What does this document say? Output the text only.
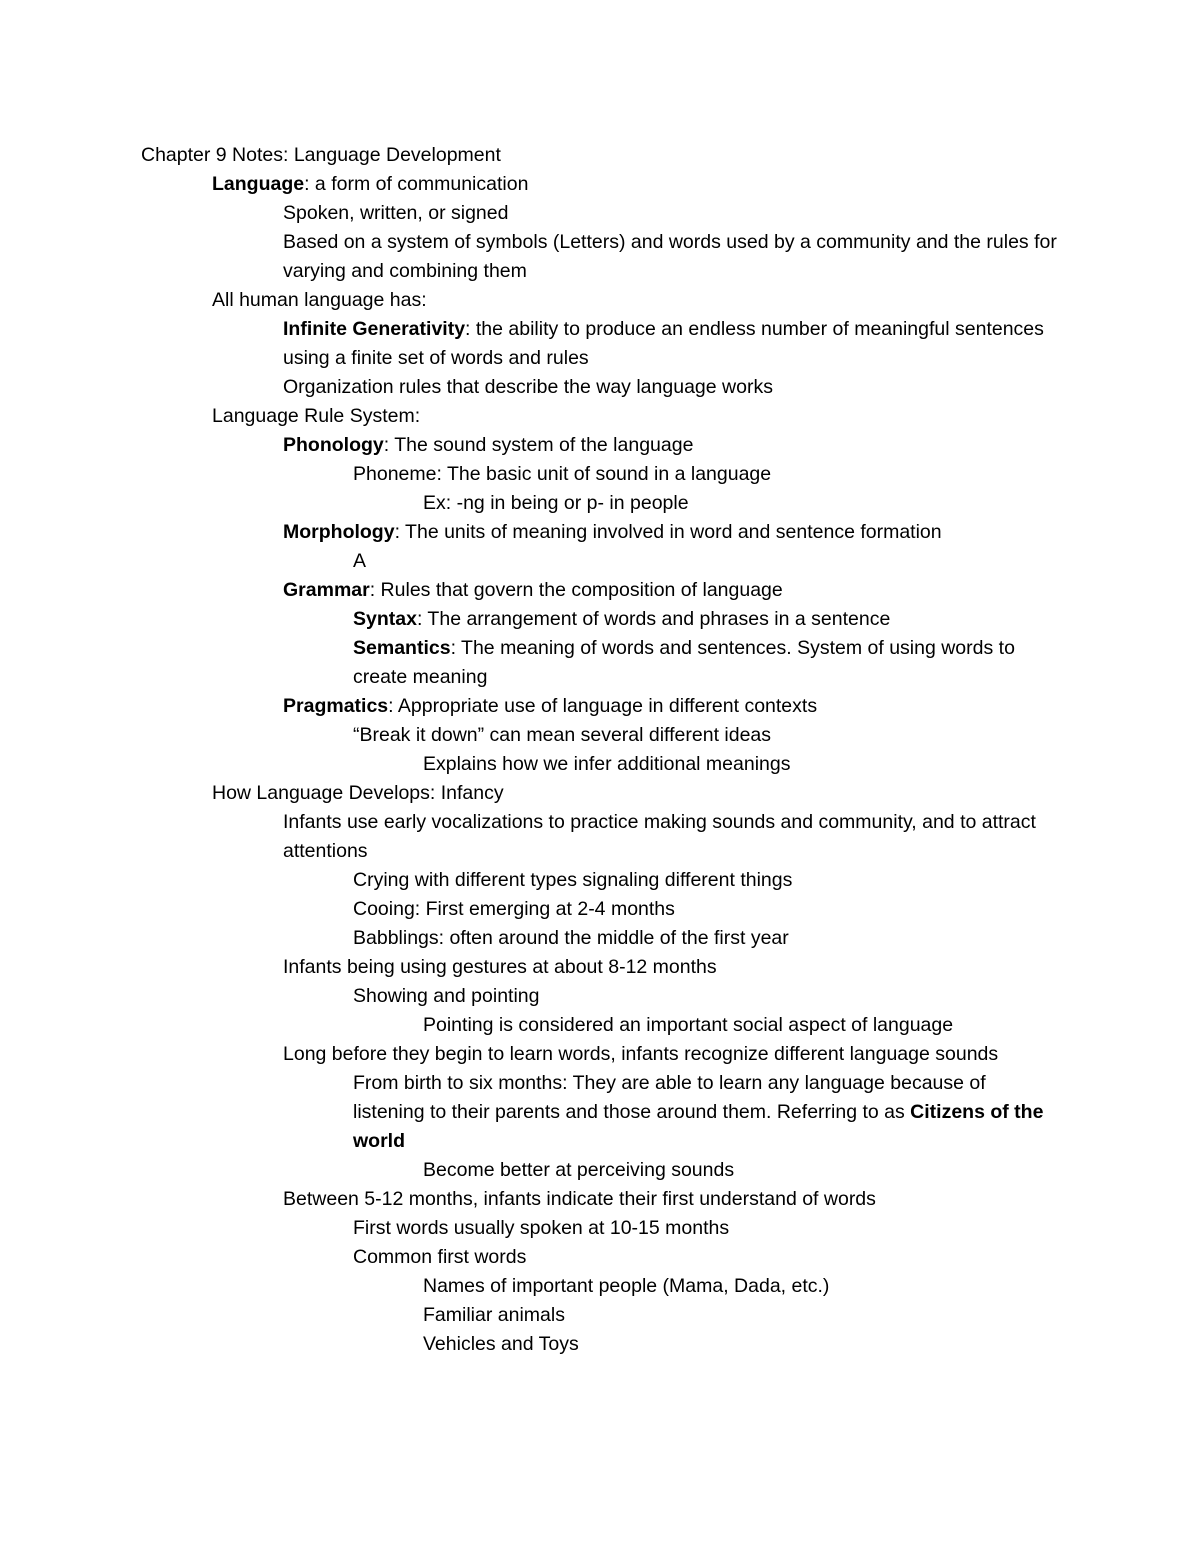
Chapter 9 Notes: Language Development
Language: a form of communication
Spoken, written, or signed
Based on a system of symbols (Letters) and words used by a community and the rules for varying and combining them
All human language has:
Infinite Generativity: the ability to produce an endless number of meaningful sentences using a finite set of words and rules
Organization rules that describe the way language works
Language Rule System:
Phonology: The sound system of the language
Phoneme: The basic unit of sound in a language
Ex: -ng in being or p- in people
Morphology: The units of meaning involved in word and sentence formation
A
Grammar: Rules that govern the composition of language
Syntax: The arrangement of words and phrases in a sentence
Semantics: The meaning of words and sentences. System of using words to create meaning
Pragmatics: Appropriate use of language in different contexts
“Break it down” can mean several different ideas
Explains how we infer additional meanings
How Language Develops: Infancy
Infants use early vocalizations to practice making sounds and community, and to attract attentions
Crying with different types signaling different things
Cooing: First emerging at 2-4 months
Babblings: often around the middle of the first year
Infants being using gestures at about 8-12 months
Showing and pointing
Pointing is considered an important social aspect of language
Long before they begin to learn words, infants recognize different language sounds
From birth to six months: They are able to learn any language because of listening to their parents and those around them. Referring to as Citizens of the world
Become better at perceiving sounds
Between 5-12 months, infants indicate their first understand of words
First words usually spoken at 10-15 months
Common first words
Names of important people (Mama, Dada, etc.)
Familiar animals
Vehicles and Toys
